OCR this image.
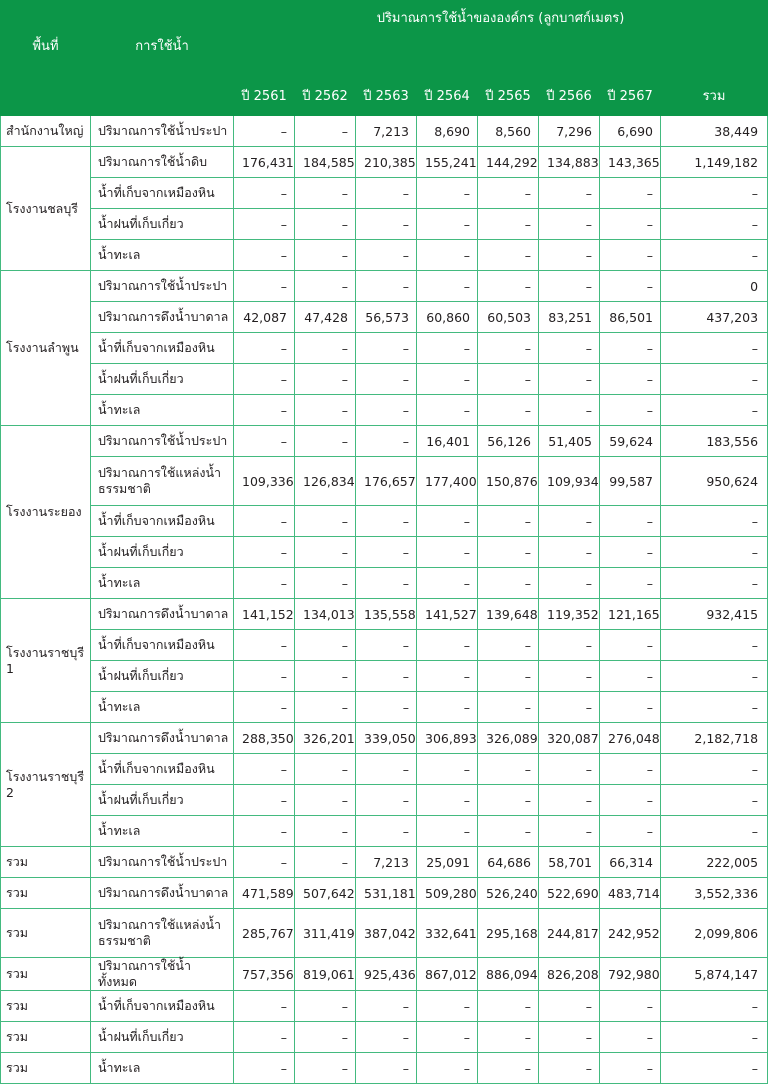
พื้นที่	การใช้น้ำ	ปริมาณการใช้น้ำขององค์กร (ลูกบาศก์เมตร)							
		ปี 2561	ปี 2562	ปี 2563	ปี 2564	ปี 2565	ปี 2566	ปี 2567	รวม
สำนักงานใหญ่	ปริมาณการใช้น้ำประปา	–	–	7,213	8,690	8,560	7,296	6,690	38,449
โรงงานชลบุรี	ปริมาณการใช้น้ำดิบ	176,431	184,585	210,385	155,241	144,292	134,883	143,365	1,149,182
	น้ำที่เก็บจากเหมืองหิน	–	–	–	–	–	–	–	–
	น้ำฝนที่เก็บเกี่ยว	–	–	–	–	–	–	–	–
	น้ำทะเล	–	–	–	–	–	–	–	–
โรงงานลำพูน	ปริมาณการใช้น้ำประปา	–	–	–	–	–	–	–	0
	ปริมาณการดึงน้ำบาดาล	42,087	47,428	56,573	60,860	60,503	83,251	86,501	437,203
	น้ำที่เก็บจากเหมืองหิน	–	–	–	–	–	–	–	–
	น้ำฝนที่เก็บเกี่ยว	–	–	–	–	–	–	–	–
	น้ำทะเล	–	–	–	–	–	–	–	–
โรงงานระยอง	ปริมาณการใช้น้ำประปา	–	–	–	16,401	56,126	51,405	59,624	183,556
	ปริมาณการใช้แหล่งน้ำธรรมชาติ	109,336	126,834	176,657	177,400	150,876	109,934	99,587	950,624
	น้ำที่เก็บจากเหมืองหิน	–	–	–	–	–	–	–	–
	น้ำฝนที่เก็บเกี่ยว	–	–	–	–	–	–	–	–
	น้ำทะเล	–	–	–	–	–	–	–	–
โรงงานราชบุรี 1	ปริมาณการดึงน้ำบาดาล	141,152	134,013	135,558	141,527	139,648	119,352	121,165	932,415
	น้ำที่เก็บจากเหมืองหิน	–	–	–	–	–	–	–	–
	น้ำฝนที่เก็บเกี่ยว	–	–	–	–	–	–	–	–
	น้ำทะเล	–	–	–	–	–	–	–	–
โรงงานราชบุรี 2	ปริมาณการดึงน้ำบาดาล	288,350	326,201	339,050	306,893	326,089	320,087	276,048	2,182,718
	น้ำที่เก็บจากเหมืองหิน	–	–	–	–	–	–	–	–
	น้ำฝนที่เก็บเกี่ยว	–	–	–	–	–	–	–	–
	น้ำทะเล	–	–	–	–	–	–	–	–
รวม	ปริมาณการใช้น้ำประปา	–	–	7,213	25,091	64,686	58,701	66,314	222,005
รวม	ปริมาณการดึงน้ำบาดาล	471,589	507,642	531,181	509,280	526,240	522,690	483,714	3,552,336
รวม	ปริมาณการใช้แหล่งน้ำธรรมชาติ	285,767	311,419	387,042	332,641	295,168	244,817	242,952	2,099,806
รวม	ปริมาณการใช้น้ำทั้งหมด	757,356	819,061	925,436	867,012	886,094	826,208	792,980	5,874,147
รวม	น้ำที่เก็บจากเหมืองหิน	–	–	–	–	–	–	–	–
รวม	น้ำฝนที่เก็บเกี่ยว	–	–	–	–	–	–	–	–
รวม	น้ำทะเล	–	–	–	–	–	–	–	–
